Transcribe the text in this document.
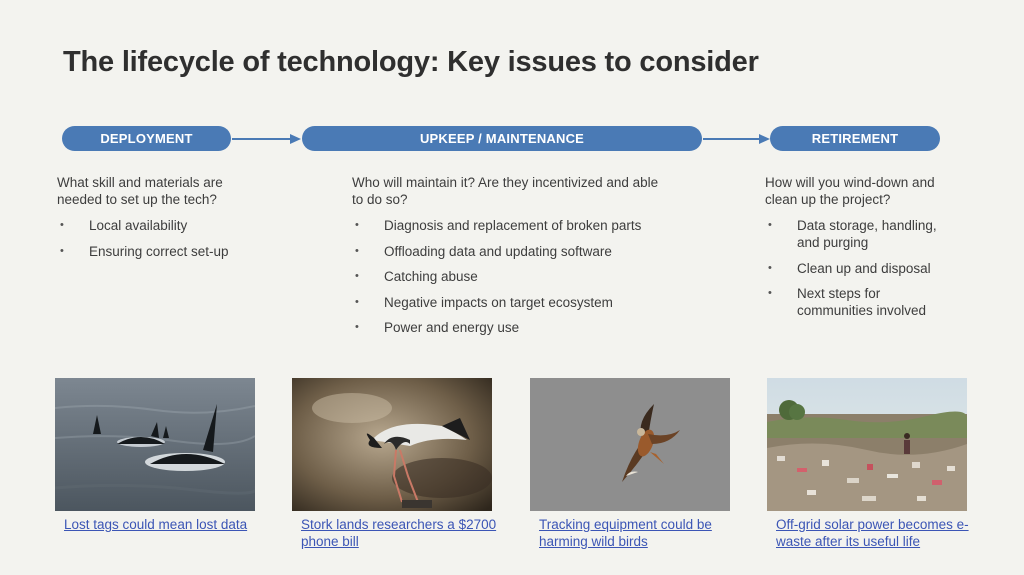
The lifecycle of technology: Key issues to consider
DEPLOYMENT	UPKEEP / MAINTENANCE	RETIREMENT
What skill and materials are needed to set up the tech?
• Local availability
• Ensuring correct set-up
Who will maintain it? Are they incentivized and able to do so?
• Diagnosis and replacement of broken parts
• Offloading data and updating software
• Catching abuse
• Negative impacts on target ecosystem
• Power and energy use
How will you wind-down and clean up the project?
• Data storage, handling, and purging
• Clean up and disposal
• Next steps for communities involved
Lost tags could mean lost data	Stork lands researchers a $2700 phone bill
Tracking equipment could be harming wild birds
Off-grid solar power becomes e-waste after its useful life
